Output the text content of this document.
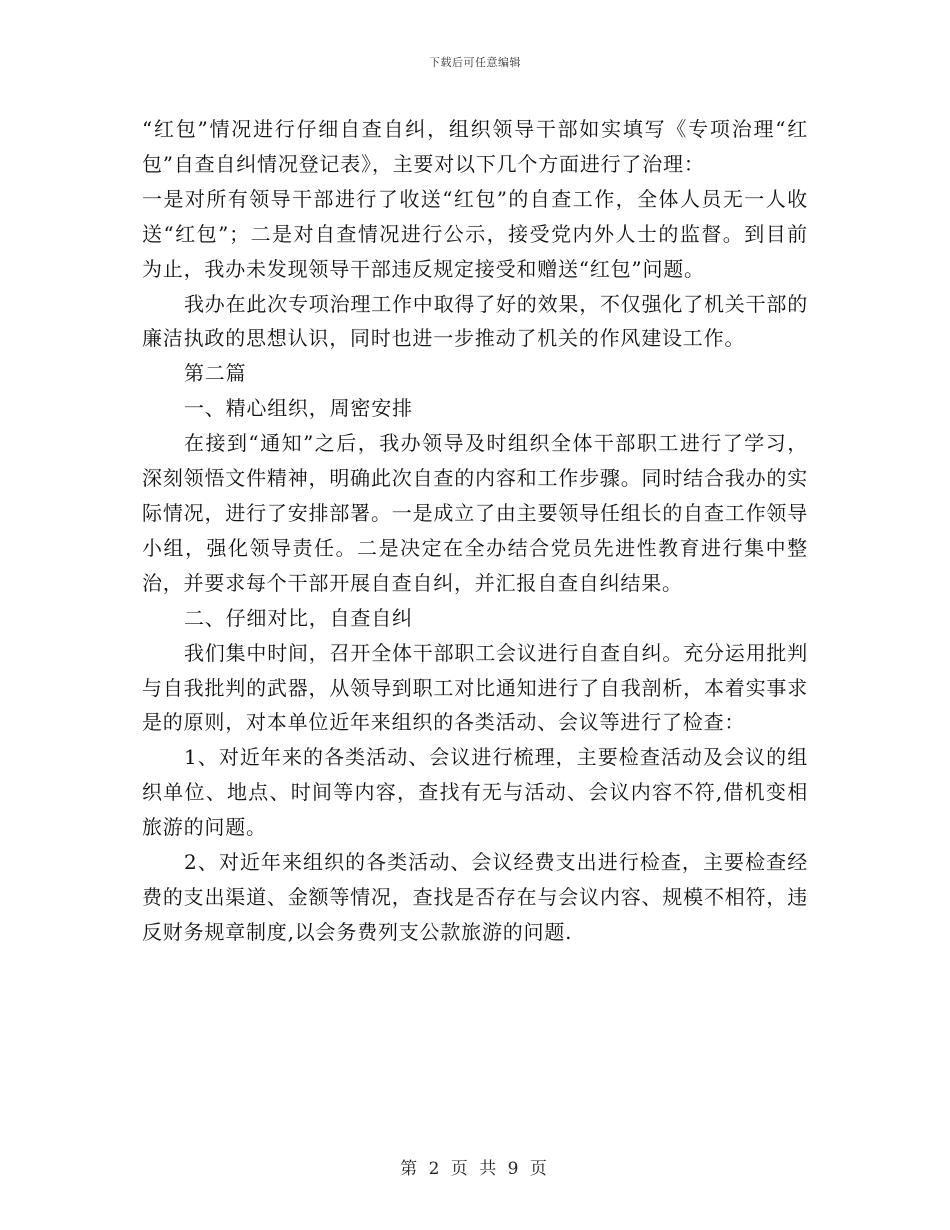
下载后可任意编辑

“红包”情况进行仔细自查自纠，组织领导干部如实填写《专项治理“红包”自查自纠情况登记表》，主要对以下几个方面进行了治理：

一是对所有领导干部进行了收送“红包”的自查工作，全体人员无一人收送“红包”；二是对自查情况进行公示，接受党内外人士的监督。到目前为止，我办未发现领导干部违反规定接受和赠送“红包”问题。

我办在此次专项治理工作中取得了好的效果，不仅强化了机关干部的廉洁执政的思想认识，同时也进一步推动了机关的作风建设工作。

第二篇

一、精心组织，周密安排

在接到“通知”之后，我办领导及时组织全体干部职工进行了学习，深刻领悟文件精神，明确此次自查的内容和工作步骤。同时结合我办的实际情况，进行了安排部署。一是成立了由主要领导任组长的自查工作领导小组，强化领导责任。二是决定在全办结合党员先进性教育进行集中整治，并要求每个干部开展自查自纠，并汇报自查自纠结果。

二、仔细对比，自查自纠

我们集中时间，召开全体干部职工会议进行自查自纠。充分运用批判与自我批判的武器，从领导到职工对比通知进行了自我剖析，本着实事求是的原则，对本单位近年来组织的各类活动、会议等进行了检查：

1、对近年来的各类活动、会议进行梳理，主要检查活动及会议的组织单位、地点、时间等内容，查找有无与活动、会议内容不符,借机变相旅游的问题。

2、对近年来组织的各类活动、会议经费支出进行检查，主要检查经费的支出渠道、金额等情况，查找是否存在与会议内容、规模不相符，违反财务规章制度,以会务费列支公款旅游的问题.

第 2 页 共 9 页
